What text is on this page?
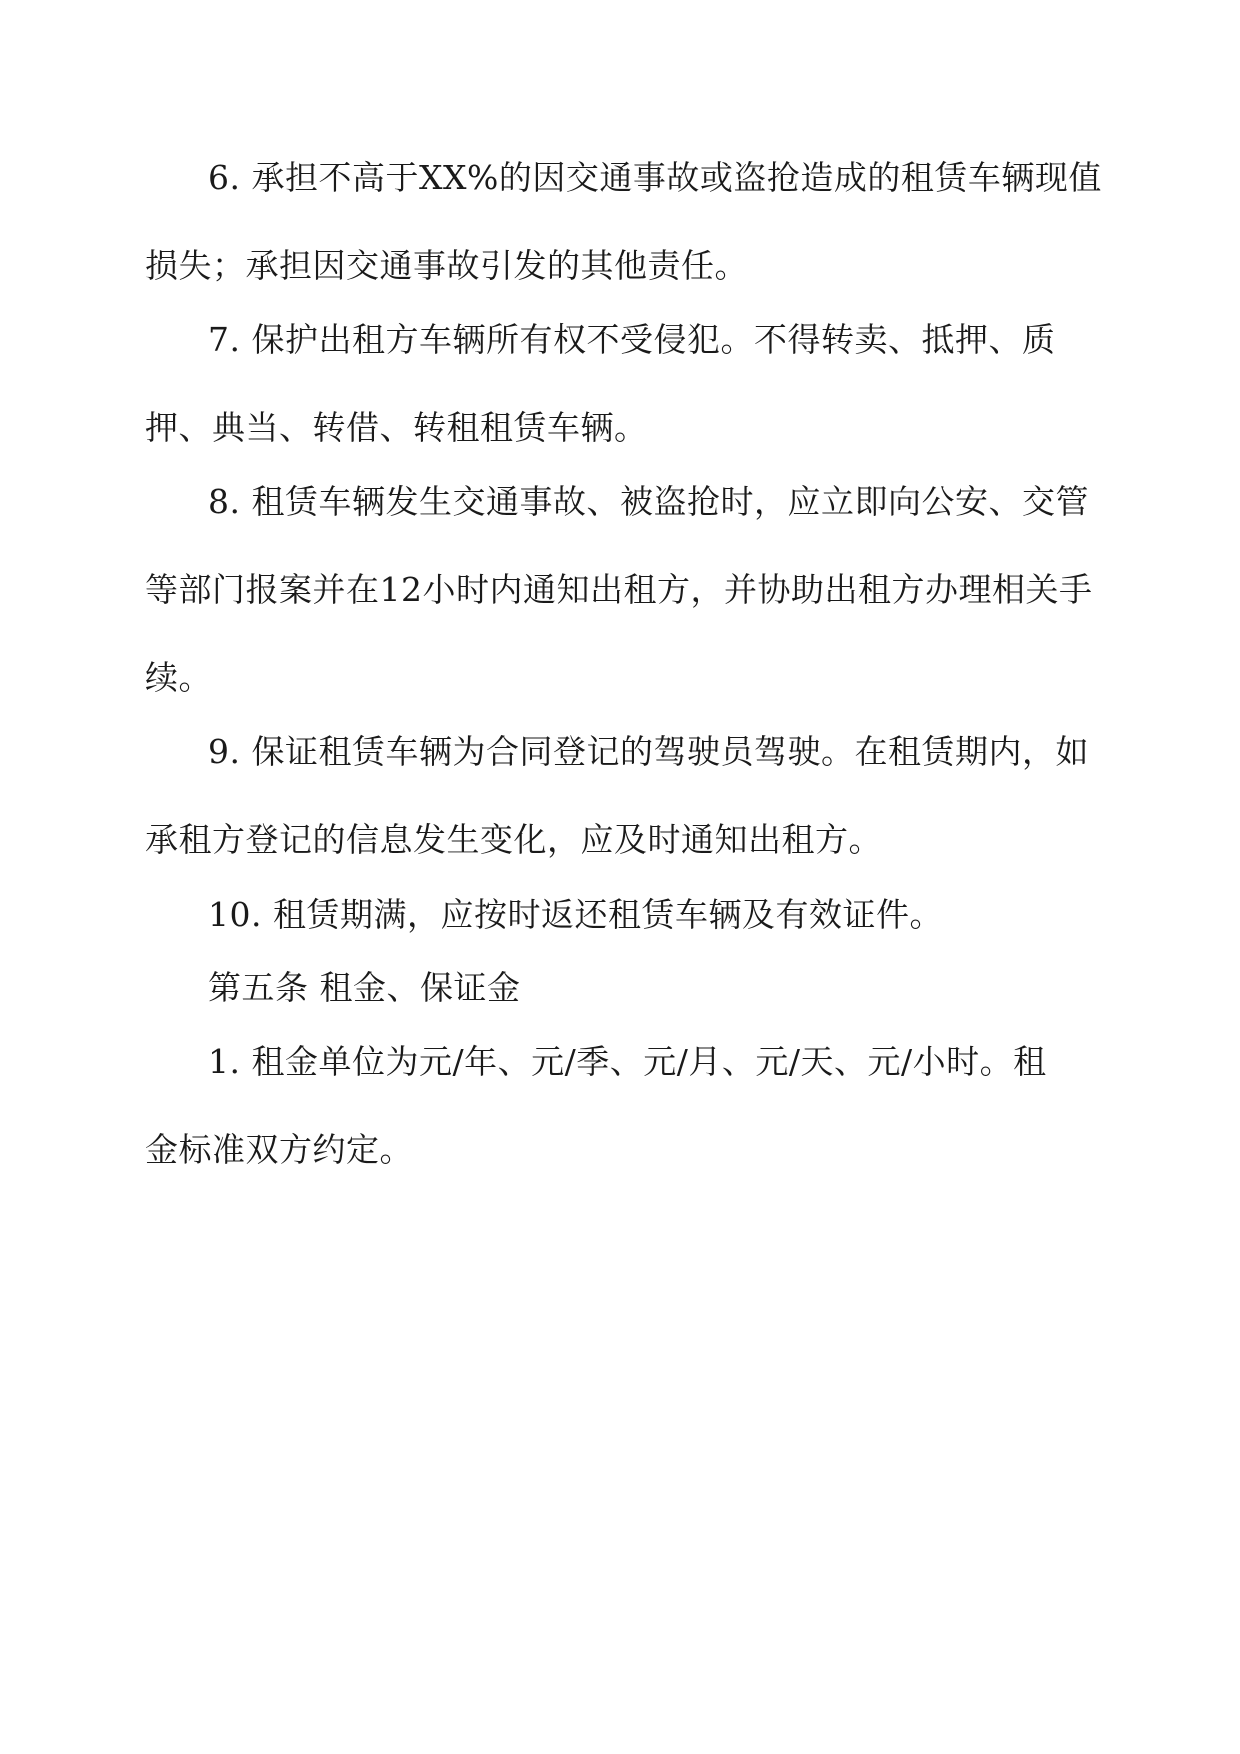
6. 承担不高于XX%的因交通事故或盗抢造成的租赁车辆现值
损失；承担因交通事故引发的其他责任。
7. 保护出租方车辆所有权不受侵犯。不得转卖、抵押、质
押、典当、转借、转租租赁车辆。
8. 租赁车辆发生交通事故、被盗抢时，应立即向公安、交管
等部门报案并在12小时内通知出租方，并协助出租方办理相关手
续。
9. 保证租赁车辆为合同登记的驾驶员驾驶。在租赁期内，如
承租方登记的信息发生变化，应及时通知出租方。
10. 租赁期满，应按时返还租赁车辆及有效证件。
第五条 租金、保证金
1. 租金单位为元/年、元/季、元/月、元/天、元/小时。租
金标准双方约定。
